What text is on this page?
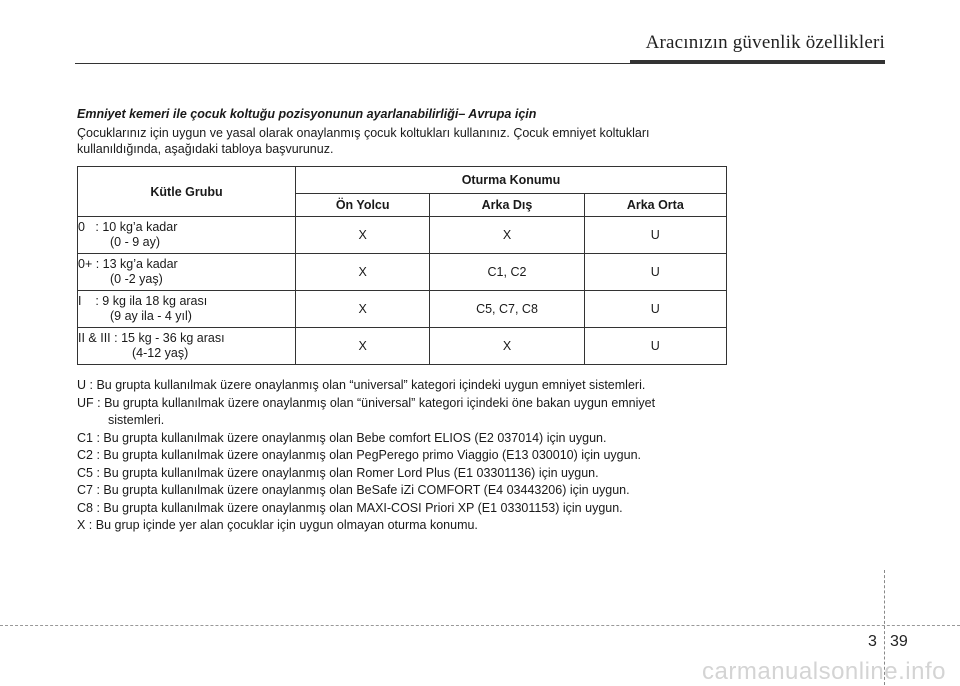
Aracınızın güvenlik özellikleri

Emniyet kemeri ile çocuk koltuğu pozisyonunun ayarlanabilirliği– Avrupa için

Çocuklarınız için uygun ve yasal olarak onaylanmış çocuk koltukları kullanınız. Çocuk emniyet koltukları
kullanıldığında, aşağıdaki tabloya başvurunuz.

Kütle Grubu	Oturma Konumu		
	Ön Yolcu	Arka Dış	Arka Orta
0   : 10 kg’a kadar
(0 - 9 ay)	X	X	U
0+ : 13 kg’a kadar
(0 -2 yaş)	X	C1, C2	U
I    : 9 kg ila 18 kg arası
(9 ay ila - 4 yıl)	X	C5, C7, C8	U
II & III : 15 kg - 36 kg arası
(4-12 yaş)	X	X	U
U : Bu grupta kullanılmak üzere onaylanmış olan “universal” kategori içindeki uygun emniyet sistemleri.
UF : Bu grupta kullanılmak üzere onaylanmış olan “üniversal” kategori içindeki öne bakan uygun emniyet
sistemleri.
C1 : Bu grupta kullanılmak üzere onaylanmış olan Bebe comfort ELIOS (E2 037014) için uygun.
C2 : Bu grupta kullanılmak üzere onaylanmış olan PegPerego primo Viaggio (E13 030010) için uygun.
C5 : Bu grupta kullanılmak üzere onaylanmış olan Romer Lord Plus (E1 03301136) için uygun.
C7 : Bu grupta kullanılmak üzere onaylanmış olan BeSafe iZi COMFORT (E4 03443206) için uygun.
C8 : Bu grupta kullanılmak üzere onaylanmış olan MAXI-COSI Priori XP (E1 03301153) için uygun.
X : Bu grup içinde yer alan çocuklar için uygun olmayan oturma konumu.
3 39
carmanualsonline.info
